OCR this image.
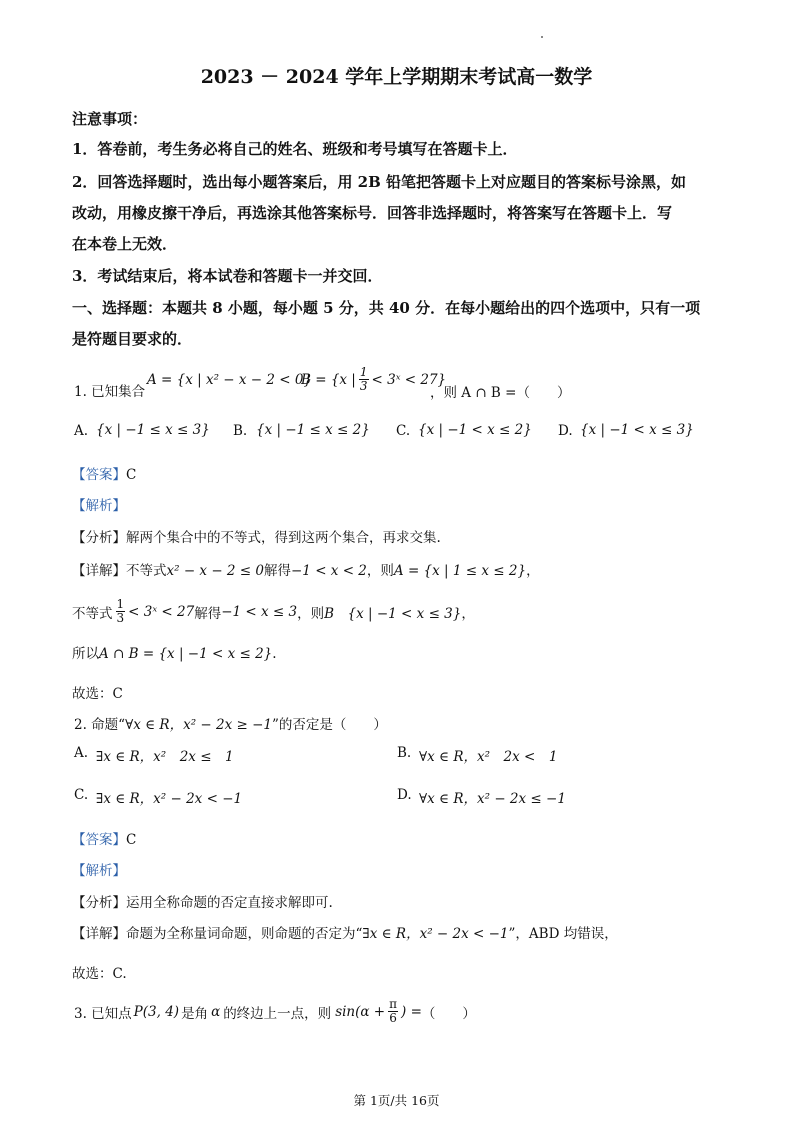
2023 － 2024 学年上学期期末考试高一数学
注意事项：
1．答卷前，考生务必将自己的姓名、班级和考号填写在答题卡上．
2．回答选择题时，选出每小题答案后，用 2B 铅笔把答题卡上对应题目的答案标号涂黑，如
改动，用橡皮擦干净后，再选涂其他答案标号．回答非选择题时，将答案写在答题卡上．写
在本卷上无效．
3．考试结束后，将本试卷和答题卡一并交回．
一、选择题：本题共 8 小题，每小题 5 分，共 40 分．在每小题给出的四个选项中，只有一项
是符题目要求的．
1. 已知集合
A = {x | x² − x − 2 < 0}
B = {x | $\frac{1}{3}$ < 3ˣ < 27}
，则 A ∩ B =（　　）
A. {x | −1 ≤ x ≤ 3} B. {x | −1 ≤ x ≤ 2} C. {x | −1 < x ≤ 2} D. {x | −1 < x ≤ 3}
【答案】C
【解析】
【分析】解两个集合中的不等式，得到这两个集合，再求交集.
【详解】不等式x² − x − 2 ≤ 0解得−1 < x < 2，则A = {x | 1 ≤ x ≤ 2}，
不等式 $\frac{1}{3}$ < 3ˣ < 27 解得 −1 < x ≤ 3 ，则 B　{x | −1 < x ≤ 3} ，
所以A ∩ B = {x | −1 < x ≤ 2}.
故选：C
2. 命题“∀x ∈ R，x² − 2x ≥ −1”的否定是（　　）
A. ∃x ∈ R，x²　2x ≤　1	B. ∀x ∈ R，x²　2x <　1
C. ∃x ∈ R，x² − 2x < −1	D. ∀x ∈ R，x² − 2x ≤ −1
【答案】C
【解析】
【分析】运用全称命题的否定直接求解即可.
【详解】命题为全称量词命题，则命题的否定为“∃x ∈ R，x² − 2x < −1”，ABD 均错误，
故选：C.
3. 已知点 P(3, 4) 是角 α 的终边上一点，则 $\sin(\alpha + \frac{\pi}{6}$ ) = （　　）
第 1页/共 16页
